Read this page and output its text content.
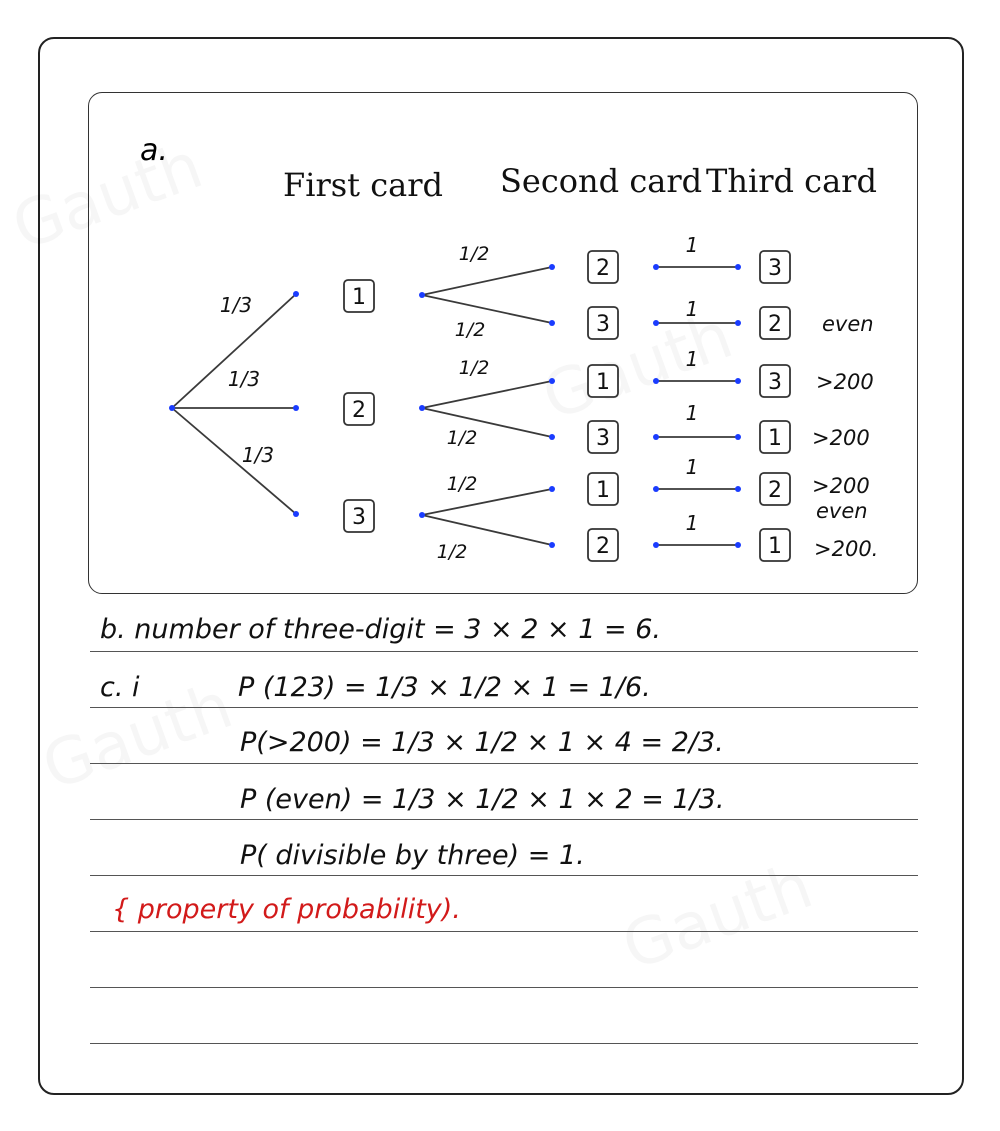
a.
First card Second card Third card
1/3
1/3
1/3
1
2
3
1/2
1/2
1/2
1/2
1/2
1/2
2
3
1
3
1
2
1
1
1
1
1
1
3
2
3
1
2
1
even
>200
>200
>200
even
>200.
b. number of three-digit = 3 × 2 × 1 = 6.
c. i	P (123) = 1/3 × 1/2 × 1 = 1/6.
P(>200) = 1/3 × 1/2 × 1 × 4 = 2/3.
P (even) = 1/3 × 1/2 × 1 × 2 = 1/3.
P( divisible by three) = 1.
{ property of probability).
